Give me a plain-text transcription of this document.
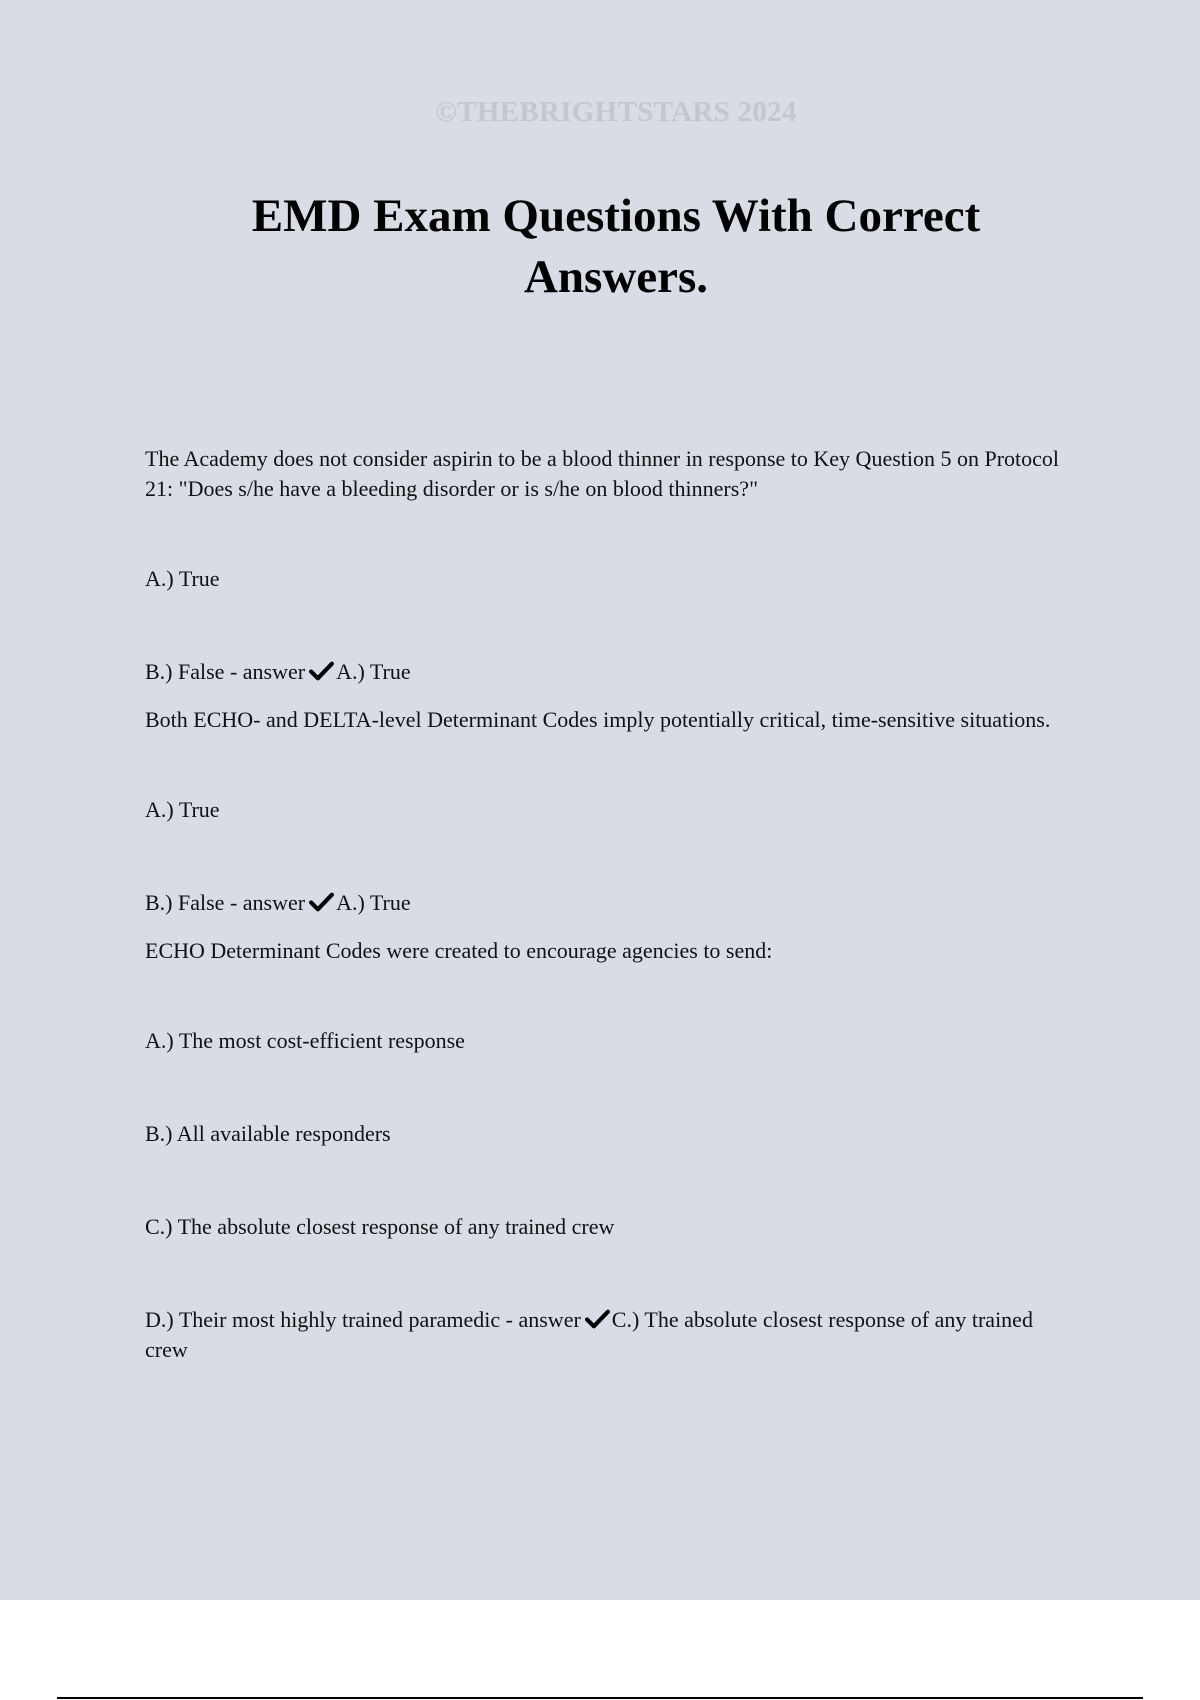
©THEBRIGHTSTARS 2024
EMD Exam Questions With Correct
Answers.

The Academy does not consider aspirin to be a blood thinner in response to Key Question 5 on Protocol 21: "Does s/he have a bleeding disorder or is s/he on blood thinners?"

A.) True

B.) False - answer A.) True

Both ECHO- and DELTA-level Determinant Codes imply potentially critical, time-sensitive situations.

A.) True

B.) False - answer A.) True

ECHO Determinant Codes were created to encourage agencies to send:

A.) The most cost-efficient response

B.) All available responders

C.) The absolute closest response of any trained crew

D.) Their most highly trained paramedic - answer C.) The absolute closest response of any trained crew
